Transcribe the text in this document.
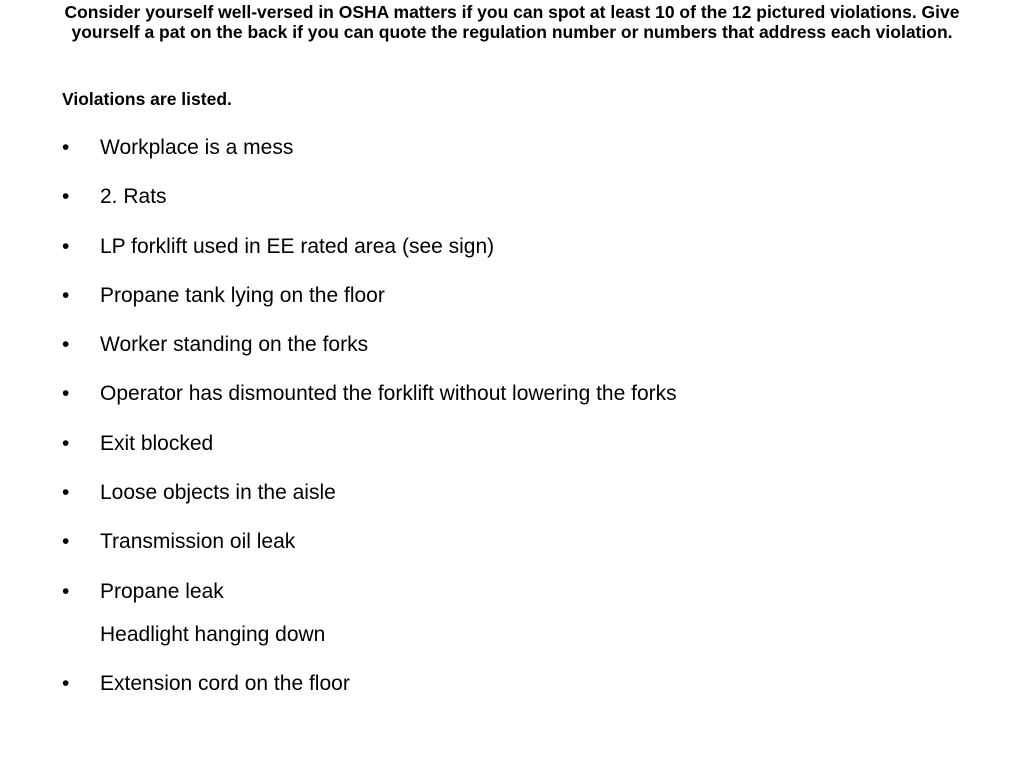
Consider yourself well-versed in OSHA matters if you can spot at least 10 of the 12 pictured violations. Give yourself a pat on the back if you can quote the regulation number or numbers that address each violation.
Violations are listed.
• Workplace is a mess
• 2. Rats
• LP forklift used in EE rated area (see sign)
• Propane tank lying on the floor
• Worker standing on the forks
• Operator has dismounted the forklift without lowering the forks
• Exit blocked
• Loose objects in the aisle
• Transmission oil leak
• Propane leak
Headlight hanging down
• Extension cord on the floor
